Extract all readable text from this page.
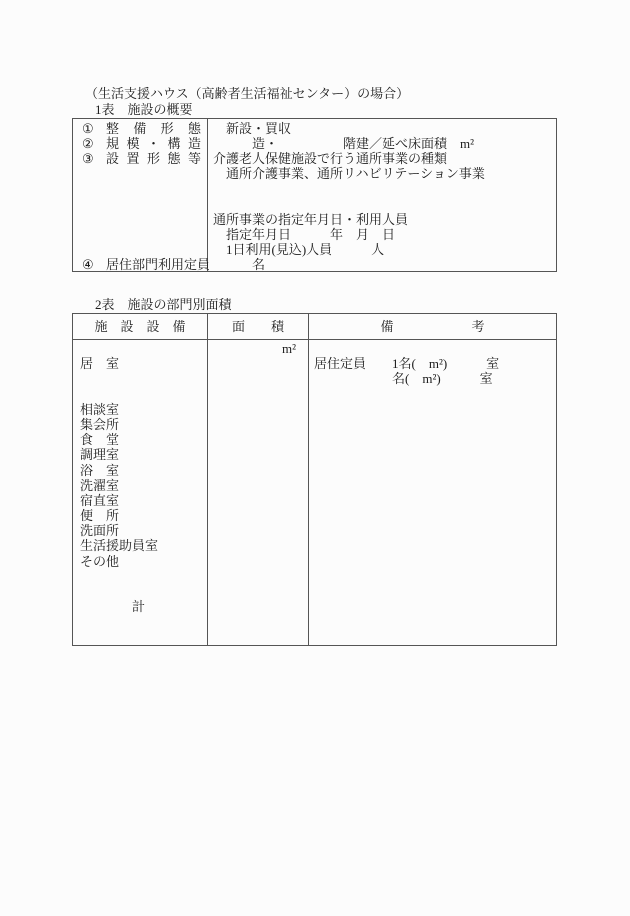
（生活支援ハウス（高齢者生活福祉センター）の場合）
1表　施設の概要
① 整 備 形 態
② 規 模 ・ 構 造
③ 設 置 形 態 等
④ 居住部門利用定員
　新設・買収
　　　造・　　　　　階建／延べ床面積　m²
介護老人保健施設で行う通所事業の種類
　通所介護事業、通所リハビリテーション事業
通所事業の指定年月日・利用人員
　指定年月日　　　年　月　日
　1日利用(見込)人員　　　人
　　　名
2表　施設の部門別面積
施　設　設　備	面　　積	備　　　　　　考
居　室
相談室
集会所
食　堂
調理室
浴　室
洗濯室
宿直室
便　所
洗面所
生活援助員室
その他
　　　　計
m²
居住定員　　1名(　m²)　　　室
　　　　　　名(　m²)　　　室
